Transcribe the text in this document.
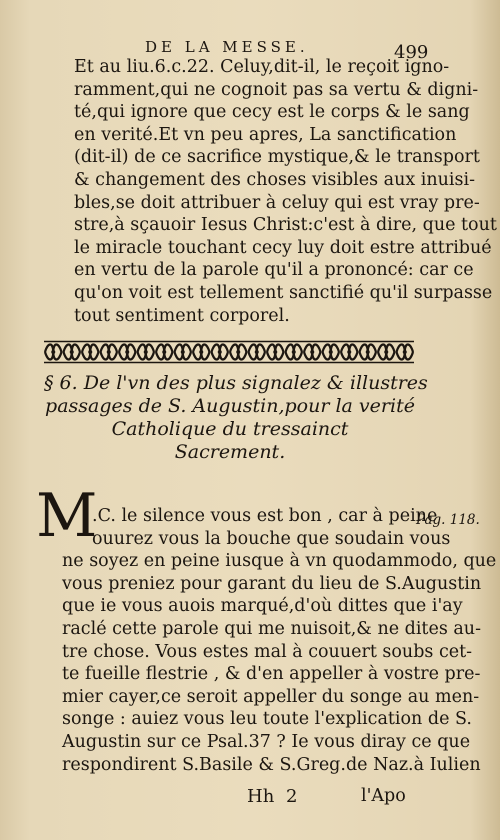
DE LA MESSE.	499
Et au liu.6.c.22. Celuy,dit-il, le reçoit igno-
ramment,qui ne cognoit pas sa vertu & digni-
té,qui ignore que cecy est le corps & le sang
en verité.Et vn peu apres, La sanctification
(dit-il) de ce sacrifice mystique,& le transport
& changement des choses visibles aux inuisi-
bles,se doit attribuer à celuy qui est vray pre-
stre,à sçauoir Iesus Christ:c'est à dire, que tout
le miracle touchant cecy luy doit estre attribué
en vertu de la parole qu'il a prononcé: car ce
qu'on voit est tellement sanctifié qu'il surpasse
tout sentiment corporel.
§ 6. De l'vn des plus signalez & illustres
passages de S. Augustin,pour la verité
Catholique du tressainct
Sacrement.
M
.C. le silence vous est bon , car à peine
ouurez vous la bouche que soudain vous
ne soyez en peine iusque à vn quodammodo, que
vous preniez pour garant du lieu de S.Augustin
que ie vous auois marqué,d'où dittes que i'ay
raclé cette parole qui me nuisoit,& ne dites au-
tre chose. Vous estes mal à couuert soubs cet-
te fueille flestrie , & d'en appeller à vostre pre-
mier cayer,ce seroit appeller du songe au men-
songe : auiez vous leu toute l'explication de S.
Augustin sur ce Psal.37 ? Ie vous diray ce que
respondirent S.Basile & S.Greg.de Naz.à Iulien
Pag. 118.
Hh 2	l'Apo
